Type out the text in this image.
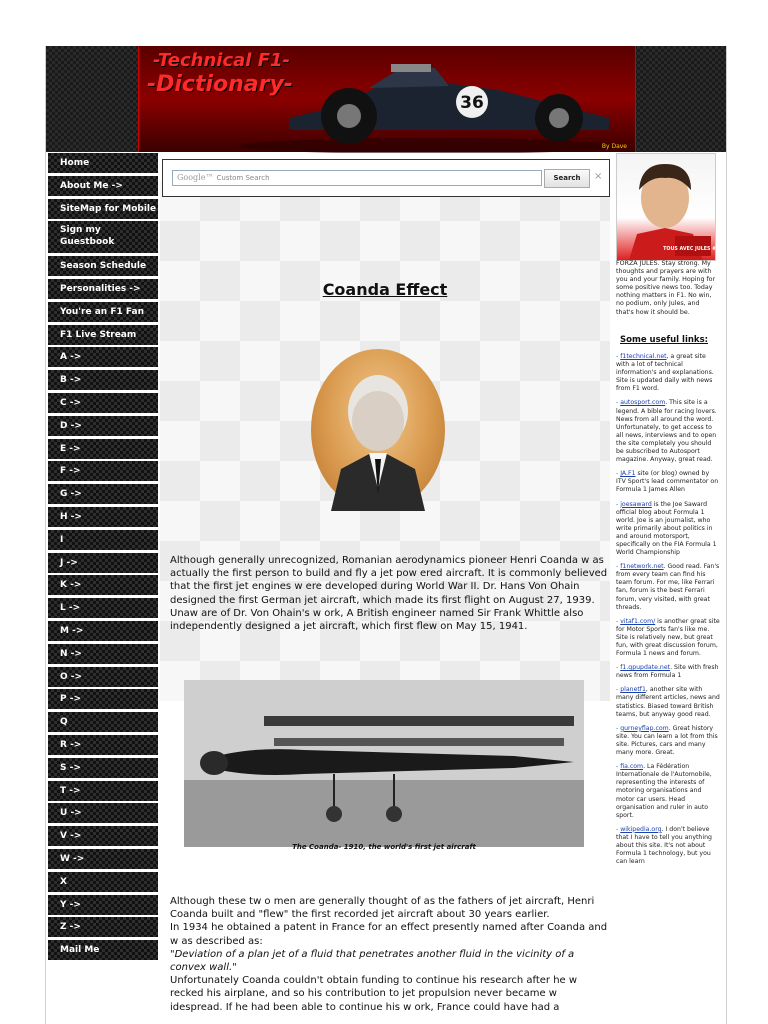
-Technical F1-
-Dictionary-
36
By Dave
Home
About Me ->
SiteMap for Mobile
Sign my Guestbook
Season Schedule
Personalities ->
You're an F1 Fan
F1 Live Stream
A ->
B ->
C ->
D ->
E ->
F ->
G ->
H ->
I
J ->
K ->
L ->
M ->
N ->
O ->
P ->
Q
R ->
S ->
T ->
U ->
V ->
W ->
X
Y ->
Z ->
Mail Me
Google™ Custom Search	Search	×
Coanda Effect
Although generally unrecognized, Romanian aerodynamics pioneer Henri Coanda w as actually the first person to build and fly a jet pow ered aircraft. It is commonly believed that the first jet engines w ere developed during World War II. Dr. Hans Von Ohain designed the first German jet aircraft, which made its first flight on August 27, 1939. Unaw are of Dr. Von Ohain's w ork, A British engineer named Sir Frank Whittle also independently designed a jet aircraft, which first flew on May 15, 1941.
The Coanda- 1910, the world's first jet aircraft
Although these tw o men are generally thought of as the fathers of jet aircraft, Henri Coanda built and "flew" the first recorded jet aircraft about 30 years earlier.
In 1934 he obtained a patent in France for an effect presently named after Coanda and w as described as:
"Deviation of a plan jet of a fluid that penetrates another fluid in the vicinity of a convex wall."
Unfortunately Coanda couldn't obtain funding to continue his research after he w recked his airplane, and so his contribution to jet propulsion never became w idespread. If he had been able to continue his w ork, France could have had a
TOUS AVEC JULES #17
FORZA JULES. Stay strong. My thoughts and prayers are with you and your family. Hoping for some positive news too. Today nothing matters in F1. No win, no podium, only Jules, and that's how it should be.
Some useful links:
- f1technical.net, a great site with a lot of technical information's and explanations. Site is updated daily with news from F1 word.
- autosport.com. This site is a legend. A bible for racing lovers. News from all around the word. Unfortunately, to get access to all news, interviews and to open the site completely you should be subscribed to Autosport magazine. Anyway, great read.
- JA.F1 site (or blog) owned by ITV Sport's lead commentator on Formula 1 James Allen
- joesaward is the Joe Saward official blog about Formula 1 world. Joe is an journalist, who write primarily about politics in and around motorsport, specifically on the FIA Formula 1 World Championship
- f1network.net. Good read. Fan's from every team can find his team forum. For me, like Ferrari fan, forum is the best Ferrari forum, very visited, with great threads.
- vitaf1.com/ is another great site for Motor Sports fan's like me. Site is relatively new, but great fun, with great discussion forum, Formula 1 news and forum.
- f1.gpupdate.net. Site with fresh news from Formula 1
- planetf1, another site with many different articles, news and statistics. Biased toward British teams, but anyway good read.
- gurneyflap.com. Great history site. You can learn a lot from this site. Pictures, cars and many many more. Great.
- fia.com. La Fédération Internationale de l'Automobile, representing the interests of motoring organisations and motor car users. Head organisation and ruler in auto sport.
- wikipedia.org. I don't believe that I have to tell you anything about this site. It's not about Formula 1 technology, but you can learn
